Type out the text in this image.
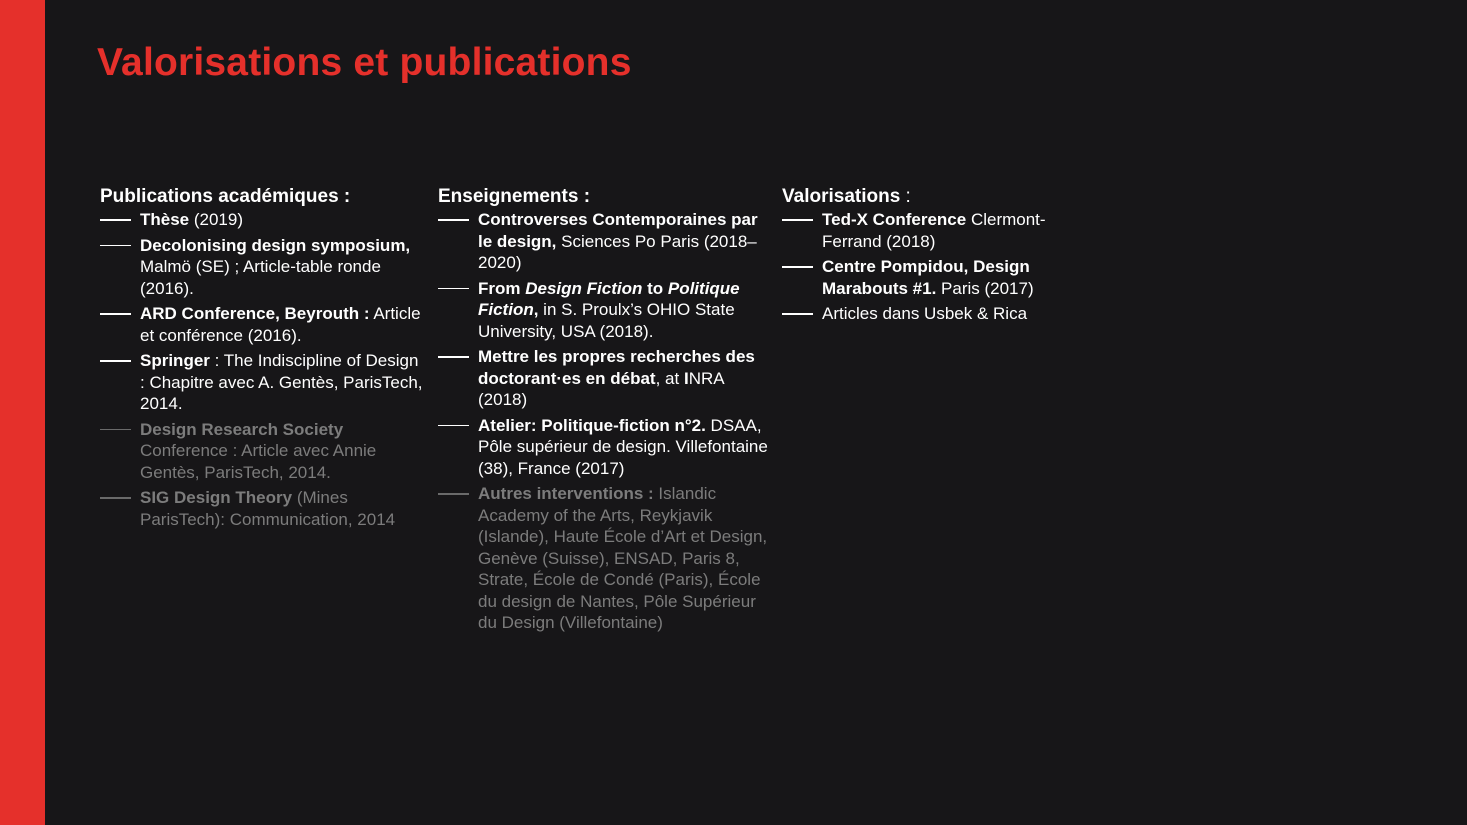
Valorisations et publications
Publications académiques :
Thèse (2019)
Decolonising design symposium, Malmö (SE) ; Article-table ronde (2016).
ARD Conference, Beyrouth : Article et conférence (2016).
Springer : The Indiscipline of Design : Chapitre avec A. Gentès, ParisTech, 2014.
Design Research Society Conference : Article avec Annie Gentès, ParisTech, 2014.
SIG Design Theory (Mines ParisTech): Communication, 2014
Enseignements :
Controverses Contemporaines par le design, Sciences Po Paris (2018–2020)
From Design Fiction to Politique Fiction, in S. Proulx’s OHIO State University, USA (2018).
Mettre les propres recherches des doctorant·es en débat, at INRA (2018)
Atelier: Politique-fiction n°2. DSAA, Pôle supérieur de design. Villefontaine (38), France (2017)
Autres interventions : Islandic Academy of the Arts, Reykjavik (Islande), Haute École d’Art et Design, Genève (Suisse), ENSAD, Paris 8, Strate, École de Condé (Paris), École du design de Nantes, Pôle Supérieur du Design (Villefontaine)
Valorisations :
Ted-X Conference Clermont-Ferrand (2018)
Centre Pompidou, Design Marabouts #1. Paris (2017)
Articles dans Usbek & Rica
